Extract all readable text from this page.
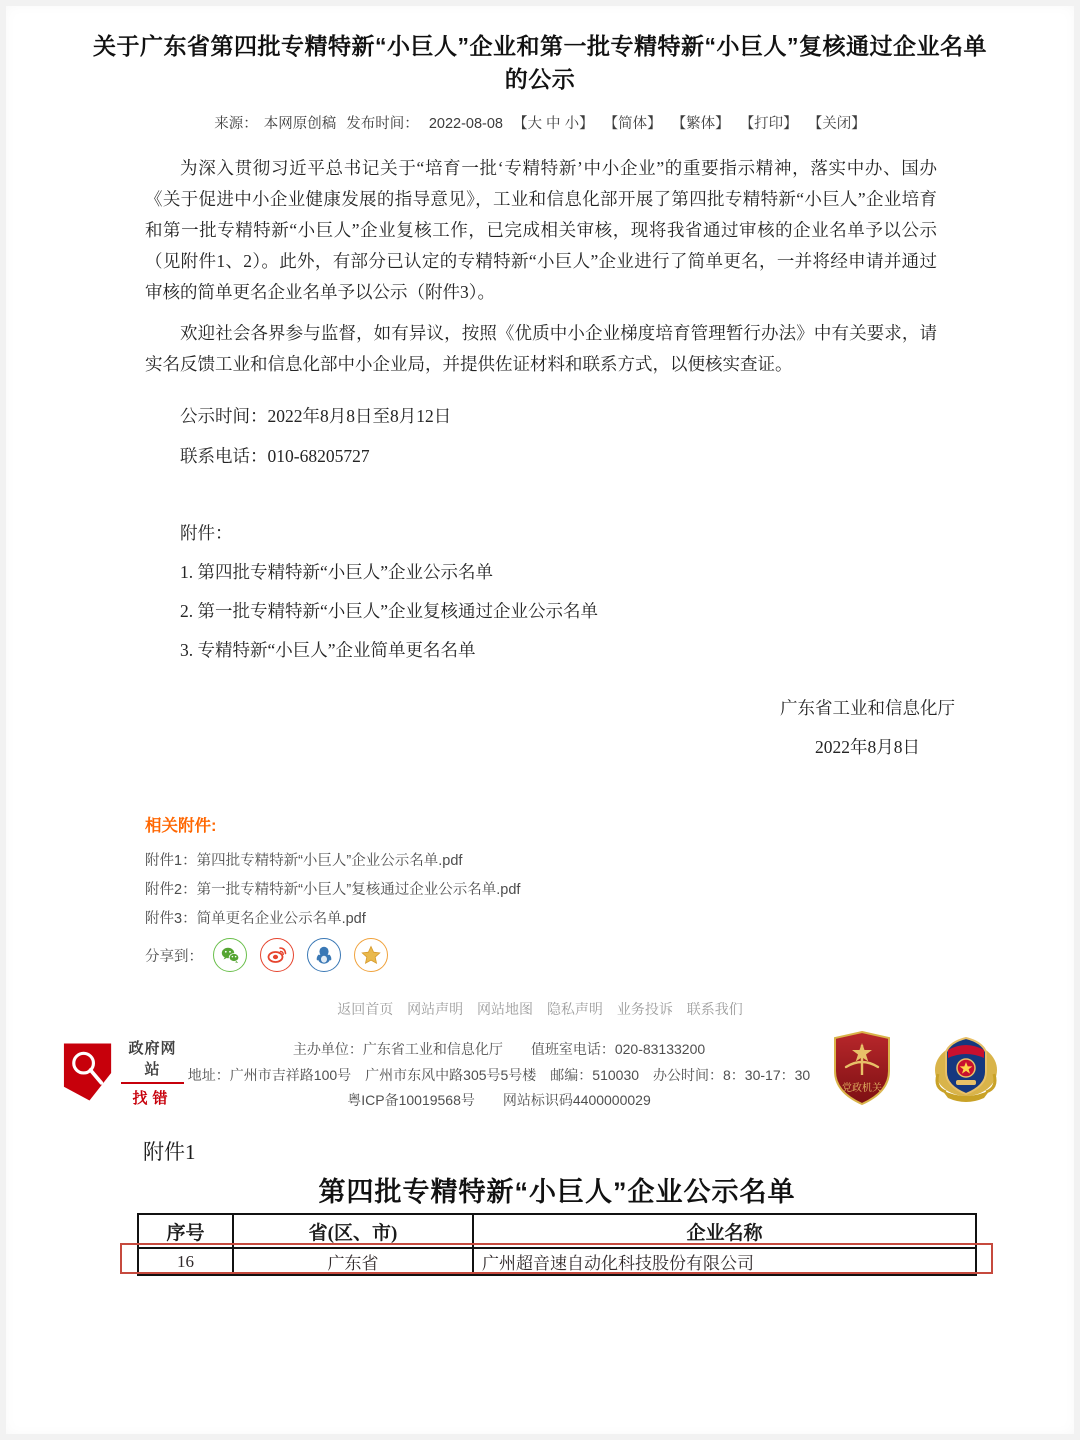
关于广东省第四批专精特新“小巨人”企业和第一批专精特新“小巨人”复核通过企业名单的公示
来源： 本网原创稿 发布时间： 2022-08-08 【大 中 小】 【简体】 【繁体】 【打印】 【关闭】

为深入贯彻习近平总书记关于“培育一批‘专精特新’中小企业”的重要指示精神，落实中办、国办《关于促进中小企业健康发展的指导意见》，工业和信息化部开展了第四批专精特新“小巨人”企业培育和第一批专精特新“小巨人”企业复核工作，已完成相关审核，现将我省通过审核的企业名单予以公示（见附件1、2）。此外，有部分已认定的专精特新“小巨人”企业进行了简单更名，一并将经申请并通过审核的简单更名企业名单予以公示（附件3）。

欢迎社会各界参与监督，如有异议，按照《优质中小企业梯度培育管理暂行办法》中有关要求，请实名反馈工业和信息化部中小企业局，并提供佐证材料和联系方式，以便核实查证。

公示时间：2022年8月8日至8月12日

联系电话：010-68205727

附件：

1. 第四批专精特新“小巨人”企业公示名单

2. 第一批专精特新“小巨人”企业复核通过企业公示名单

3. 专精特新“小巨人”企业简单更名名单

广东省工业和信息化厅
2022年8月8日
相关附件:
附件1：第四批专精特新“小巨人”企业公示名单.pdf
附件2：第一批专精特新“小巨人”复核通过企业公示名单.pdf
附件3：简单更名企业公示名单.pdf
分享到：
返回首页 网站声明 网站地图 隐私声明 业务投诉 联系我们
政府网站
找错
主办单位：广东省工业和信息化厅　　值班室电话：020-83133200
地址：广州市吉祥路100号　广州市东风中路305号5号楼　邮编：510030　办公时间：8：30-17：30
粤ICP备10019568号　　网站标识码4400000029
党政机关
附件1
第四批专精特新“小巨人”企业公示名单
序号	省(区、市)	企业名称
16	广东省	广州超音速自动化科技股份有限公司
